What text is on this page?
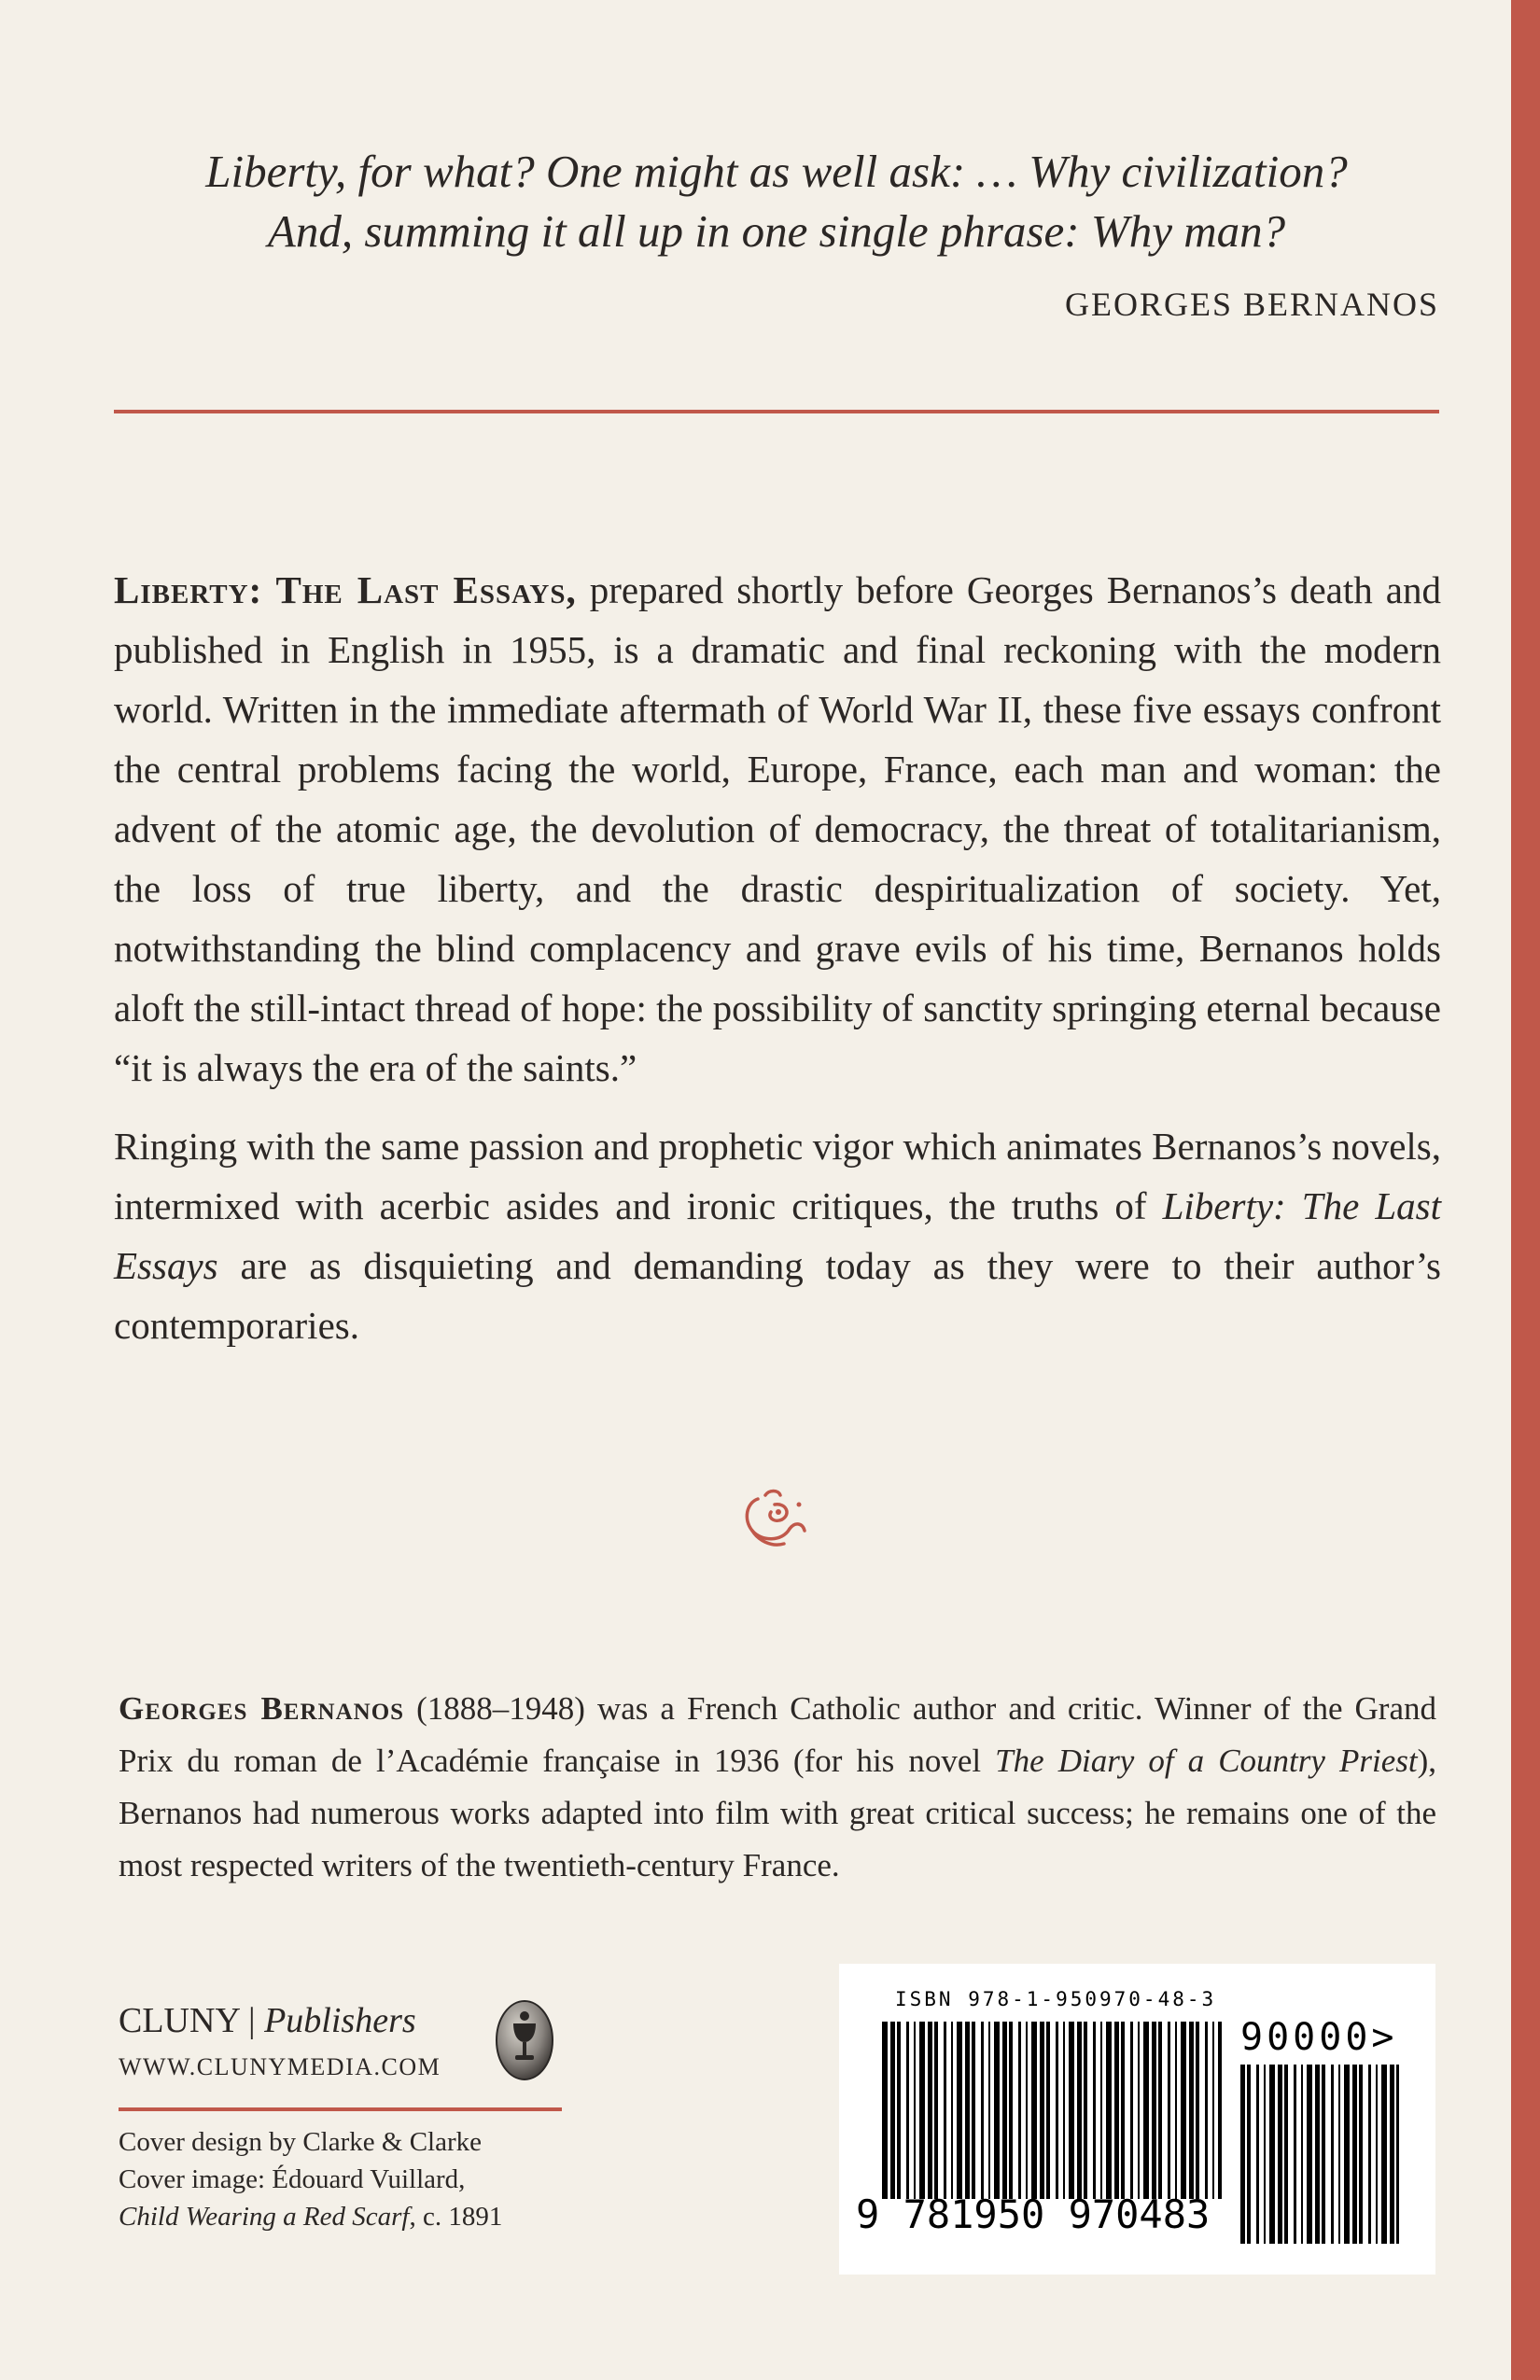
Liberty, for what? One might as well ask: … Why civilization?

And, summing it all up in one single phrase: Why man?

GEORGES BERNANOS

Liberty: The Last Essays, prepared shortly before Georges Bernanos’s death and published in English in 1955, is a dramatic and final reckoning with the modern world. Written in the immediate aftermath of World War II, these five essays confront the central problems facing the world, Europe, France, each man and woman: the advent of the atomic age, the devolution of democracy, the threat of totalitarianism, the loss of true liberty, and the drastic despiritualization of society. Yet, notwithstanding the blind complacency and grave evils of his time, Bernanos holds aloft the still-intact thread of hope: the possibility of sanctity springing eternal because “it is always the era of the saints.”

Ringing with the same passion and prophetic vigor which animates Bernanos’s novels, intermixed with acerbic asides and ironic critiques, the truths of Liberty: The Last Essays are as disquieting and demanding today as they were to their author’s contemporaries.

Georges Bernanos (1888–1948) was a French Catholic author and critic. Winner of the Grand Prix du roman de l’Académie française in 1936 (for his novel The Diary of a Country Priest), Bernanos had numerous works adapted into film with great critical success; he remains one of the most respected writers of the twentieth-century France.
CLUNY | Publishers
WWW.CLUNYMEDIA.COM
Cover design by Clarke & Clarke
Cover image: Édouard Vuillard,
Child Wearing a Red Scarf, c. 1891
ISBN 978-1-950970-48-3
90000>
9 781950 970483
